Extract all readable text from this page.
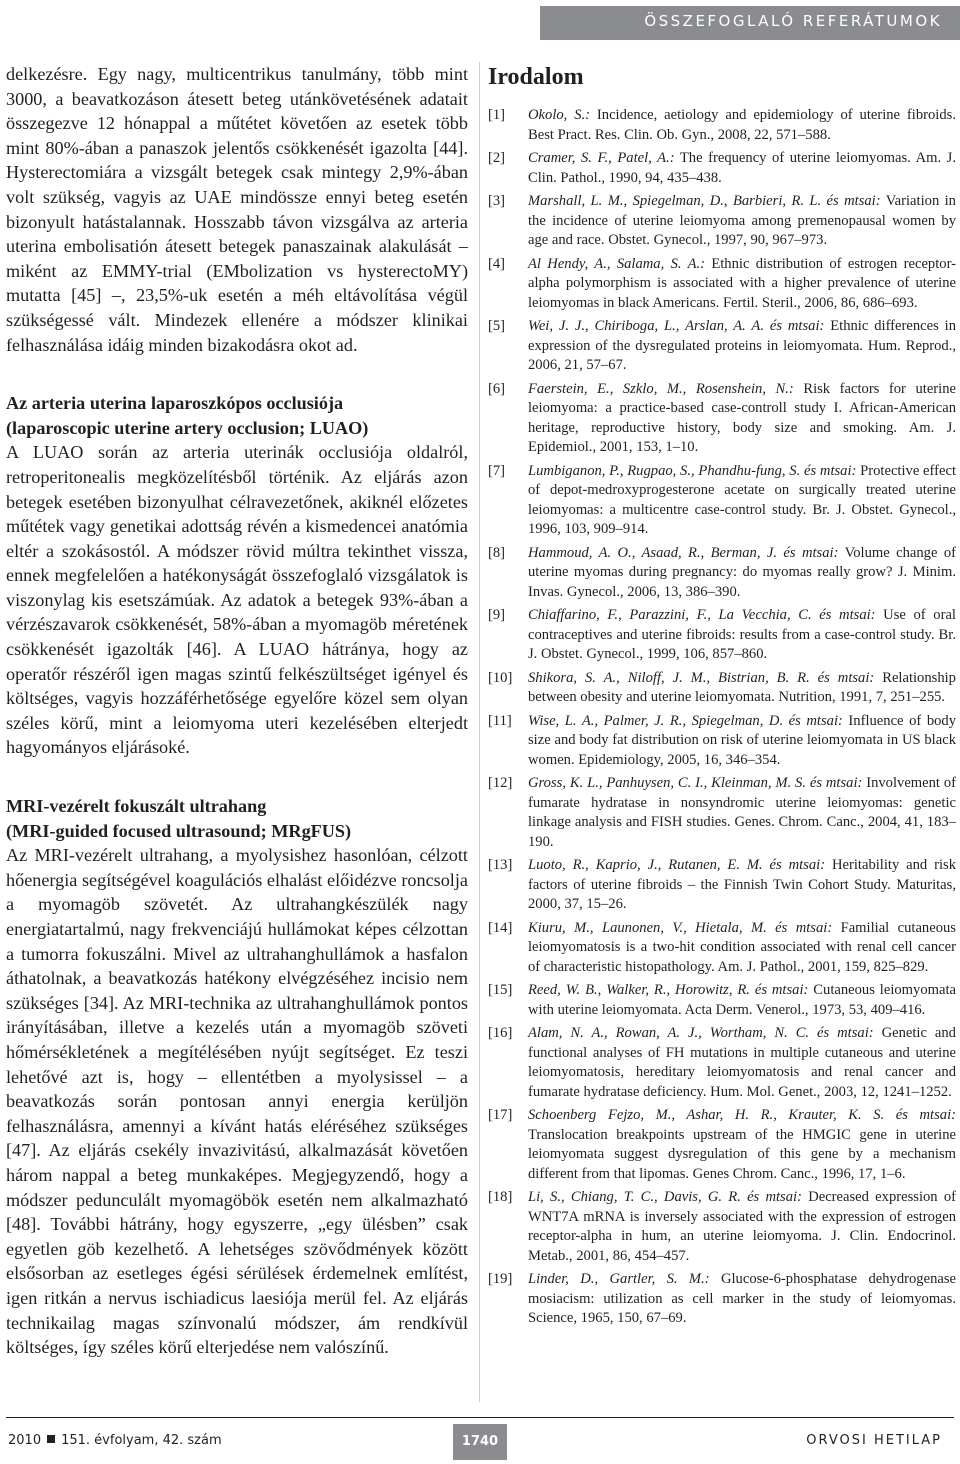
ÖSSZEFOGLALÓ REFERÁTUMOK

delkezésre. Egy nagy, multicentrikus tanulmány, több mint 3000, a beavatkozáson átesett beteg utánkövetésének adatait összegezve 12 hónappal a műtétet követően az esetek több mint 80%-ában a panaszok jelentős csökkenését igazolta [44]. Hysterectomiára a vizsgált betegek csak mintegy 2,9%-ában volt szükség, vagyis az UAE mindössze ennyi beteg esetén bizonyult hatástalannak. Hosszabb távon vizsgálva az arteria uterina embolisatión átesett betegek panaszainak alakulását – miként az EMMY-trial (EMbolization vs hysterectoMY) mutatta [45] –, 23,5%-uk esetén a méh eltávolítása végül szükségessé vált. Mindezek ellenére a módszer klinikai felhasználása idáig minden bizakodásra okot ad.

Az arteria uterina laparoszkópos occlusiója
(laparoscopic uterine artery occlusion; LUAO)

A LUAO során az arteria uterinák occlusiója oldalról, retroperitonealis megközelítésből történik. Az eljárás azon betegek esetében bizonyulhat célravezetőnek, akiknél előzetes műtétek vagy genetikai adottság révén a kismedencei anatómia eltér a szokásostól. A módszer rövid múltra tekinthet vissza, ennek megfelelően a hatékonyságát összefoglaló vizsgálatok is viszonylag kis esetszámúak. Az adatok a betegek 93%-ában a vérzészavarok csökkenését, 58%-ában a myomagöb méretének csökkenését igazolták [46]. A LUAO hátránya, hogy az operatőr részéről igen magas szintű felkészültséget igényel és költséges, vagyis hozzáférhetősége egyelőre közel sem olyan széles körű, mint a leiomyoma uteri kezelésében elterjedt hagyományos eljárásoké.

MRI-vezérelt fokuszált ultrahang
(MRI-guided focused ultrasound; MRgFUS)

Az MRI-vezérelt ultrahang, a myolysishez hasonlóan, célzott hőenergia segítségével koagulációs elhalást előidézve roncsolja a myomagöb szövetét. Az ultrahangkészülék nagy energiatartalmú, nagy frekvenciájú hullámokat képes célzottan a tumorra fokuszálni. Mivel az ultrahanghullámok a hasfalon áthatolnak, a beavatkozás hatékony elvégzéséhez incisio nem szükséges [34]. Az MRI-technika az ultrahanghullámok pontos irányításában, illetve a kezelés után a myomagöb szöveti hőmérsékletének a megítélésében nyújt segítséget. Ez teszi lehetővé azt is, hogy – ellentétben a myolysissel – a beavatkozás során pontosan annyi energia kerüljön felhasználásra, amennyi a kívánt hatás eléréséhez szükséges [47]. Az eljárás csekély invazivitású, alkalmazását követően három nappal a beteg munkaképes. Megjegyzendő, hogy a módszer pedunculált myomagöbök esetén nem alkalmazható [48]. További hátrány, hogy egyszerre, „egy ülésben” csak egyetlen göb kezelhető. A lehetséges szövődmények között elsősorban az esetleges égési sérülések érdemelnek említést, igen ritkán a nervus ischiadicus laesiója merül fel. Az eljárás technikailag magas színvonalú módszer, ám rendkívül költséges, így széles körű elterjedése nem valószínű.

Irodalom
[1]	Okolo, S.: Incidence, aetiology and epidemiology of uterine fibroids. Best Pract. Res. Clin. Ob. Gyn., 2008, 22, 571–588.
[2]	Cramer, S. F., Patel, A.: The frequency of uterine leiomyomas. Am. J. Clin. Pathol., 1990, 94, 435–438.
[3]	Marshall, L. M., Spiegelman, D., Barbieri, R. L. és mtsai: Variation in the incidence of uterine leiomyoma among premenopausal women by age and race. Obstet. Gynecol., 1997, 90, 967–973.
[4]	Al Hendy, A., Salama, S. A.: Ethnic distribution of estrogen receptor-alpha polymorphism is associated with a higher prevalence of uterine leiomyomas in black Americans. Fertil. Steril., 2006, 86, 686–693.
[5]	Wei, J. J., Chiriboga, L., Arslan, A. A. és mtsai: Ethnic differences in expression of the dysregulated proteins in leiomyomata. Hum. Reprod., 2006, 21, 57–67.
[6]	Faerstein, E., Szklo, M., Rosenshein, N.: Risk factors for uterine leiomyoma: a practice-based case-controll study I. African-American heritage, reproductive history, body size and smoking. Am. J. Epidemiol., 2001, 153, 1–10.
[7]	Lumbiganon, P., Rugpao, S., Phandhu-fung, S. és mtsai: Protective effect of depot-medroxyprogesterone acetate on surgically treated uterine leiomyomas: a multicentre case-control study. Br. J. Obstet. Gynecol., 1996, 103, 909–914.
[8]	Hammoud, A. O., Asaad, R., Berman, J. és mtsai: Volume change of uterine myomas during pregnancy: do myomas really grow? J. Minim. Invas. Gynecol., 2006, 13, 386–390.
[9]	Chiaffarino, F., Parazzini, F., La Vecchia, C. és mtsai: Use of oral contraceptives and uterine fibroids: results from a case-control study. Br. J. Obstet. Gynecol., 1999, 106, 857–860.
[10]	Shikora, S. A., Niloff, J. M., Bistrian, B. R. és mtsai: Relationship between obesity and uterine leiomyomata. Nutrition, 1991, 7, 251–255.
[11]	Wise, L. A., Palmer, J. R., Spiegelman, D. és mtsai: Influence of body size and body fat distribution on risk of uterine leiomyomata in US black women. Epidemiology, 2005, 16, 346–354.
[12]	Gross, K. L., Panhuysen, C. I., Kleinman, M. S. és mtsai: Involvement of fumarate hydratase in nonsyndromic uterine leiomyomas: genetic linkage analysis and FISH studies. Genes. Chrom. Canc., 2004, 41, 183–190.
[13]	Luoto, R., Kaprio, J., Rutanen, E. M. és mtsai: Heritability and risk factors of uterine fibroids – the Finnish Twin Cohort Study. Maturitas, 2000, 37, 15–26.
[14]	Kiuru, M., Launonen, V., Hietala, M. és mtsai: Familial cutaneous leiomyomatosis is a two-hit condition associated with renal cell cancer of characteristic histopathology. Am. J. Pathol., 2001, 159, 825–829.
[15]	Reed, W. B., Walker, R., Horowitz, R. és mtsai: Cutaneous leiomyomata with uterine leiomyomata. Acta Derm. Venerol., 1973, 53, 409–416.
[16]	Alam, N. A., Rowan, A. J., Wortham, N. C. és mtsai: Genetic and functional analyses of FH mutations in multiple cutaneous and uterine leiomyomatosis, hereditary leiomyomatosis and renal cancer and fumarate hydratase deficiency. Hum. Mol. Genet., 2003, 12, 1241–1252.
[17]	Schoenberg Fejzo, M., Ashar, H. R., Krauter, K. S. és mtsai: Translocation breakpoints upstream of the HMGIC gene in uterine leiomyomata suggest dysregulation of this gene by a mechanism different from that lipomas. Genes Chrom. Canc., 1996, 17, 1–6.
[18]	Li, S., Chiang, T. C., Davis, G. R. és mtsai: Decreased expression of WNT7A mRNA is inversely associated with the expression of estrogen receptor-alpha in hum, an uterine leiomyoma. J. Clin. Endocrinol. Metab., 2001, 86, 454–457.
[19]	Linder, D., Gartler, S. M.: Glucose-6-phosphatase dehydrogenase mosiacism: utilization as cell marker in the study of leiomyomas. Science, 1965, 150, 67–69.
2010 151. évfolyam, 42. szám	1740	ORVOSI HETILAP
